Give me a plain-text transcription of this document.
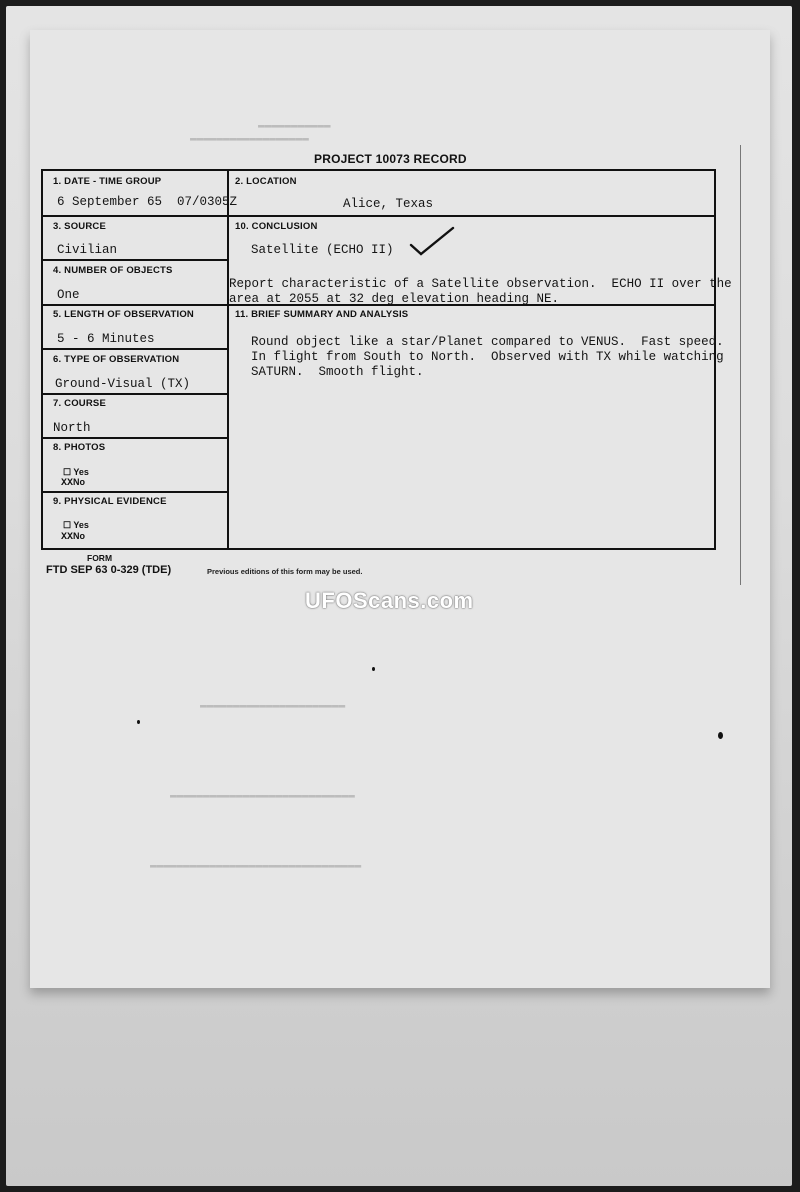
▬▬▬▬▬▬▬▬▬▬▬
▬▬▬▬▬▬▬▬▬▬▬▬▬▬▬▬▬▬
▬▬▬▬▬▬▬▬▬▬▬▬▬▬▬▬▬▬▬▬▬▬
▬▬▬▬▬▬▬▬▬▬▬▬▬▬▬▬▬▬▬▬▬▬▬▬▬▬▬▬
▬▬▬▬▬▬▬▬▬▬▬▬▬▬▬▬▬▬▬▬▬▬▬▬▬▬▬▬▬▬▬▬
PROJECT 10073 RECORD
1. DATE - TIME GROUP
6 September 65 07/0305Z
2. LOCATION
Alice, Texas
3. SOURCE
Civilian
10. CONCLUSION
Satellite (ECHO II)
Report characteristic of a Satellite observation.  ECHO II over the
area at 2055 at 32 deg elevation heading NE.
4. NUMBER OF OBJECTS
One
5. LENGTH OF OBSERVATION
5 - 6 Minutes
11. BRIEF SUMMARY AND ANALYSIS
Round object like a star/Planet compared to VENUS.  Fast speed.
In flight from South to North.  Observed with TX while watching
SATURN.  Smooth flight.
6. TYPE OF OBSERVATION
Ground-Visual (TX)
7. COURSE
North
8. PHOTOS
☐ Yes
XXNo
9. PHYSICAL EVIDENCE
☐ Yes
XXNo
FORM
FTD SEP 63 0-329 (TDE)	Previous editions of this form may be used.
UFOScans.com
